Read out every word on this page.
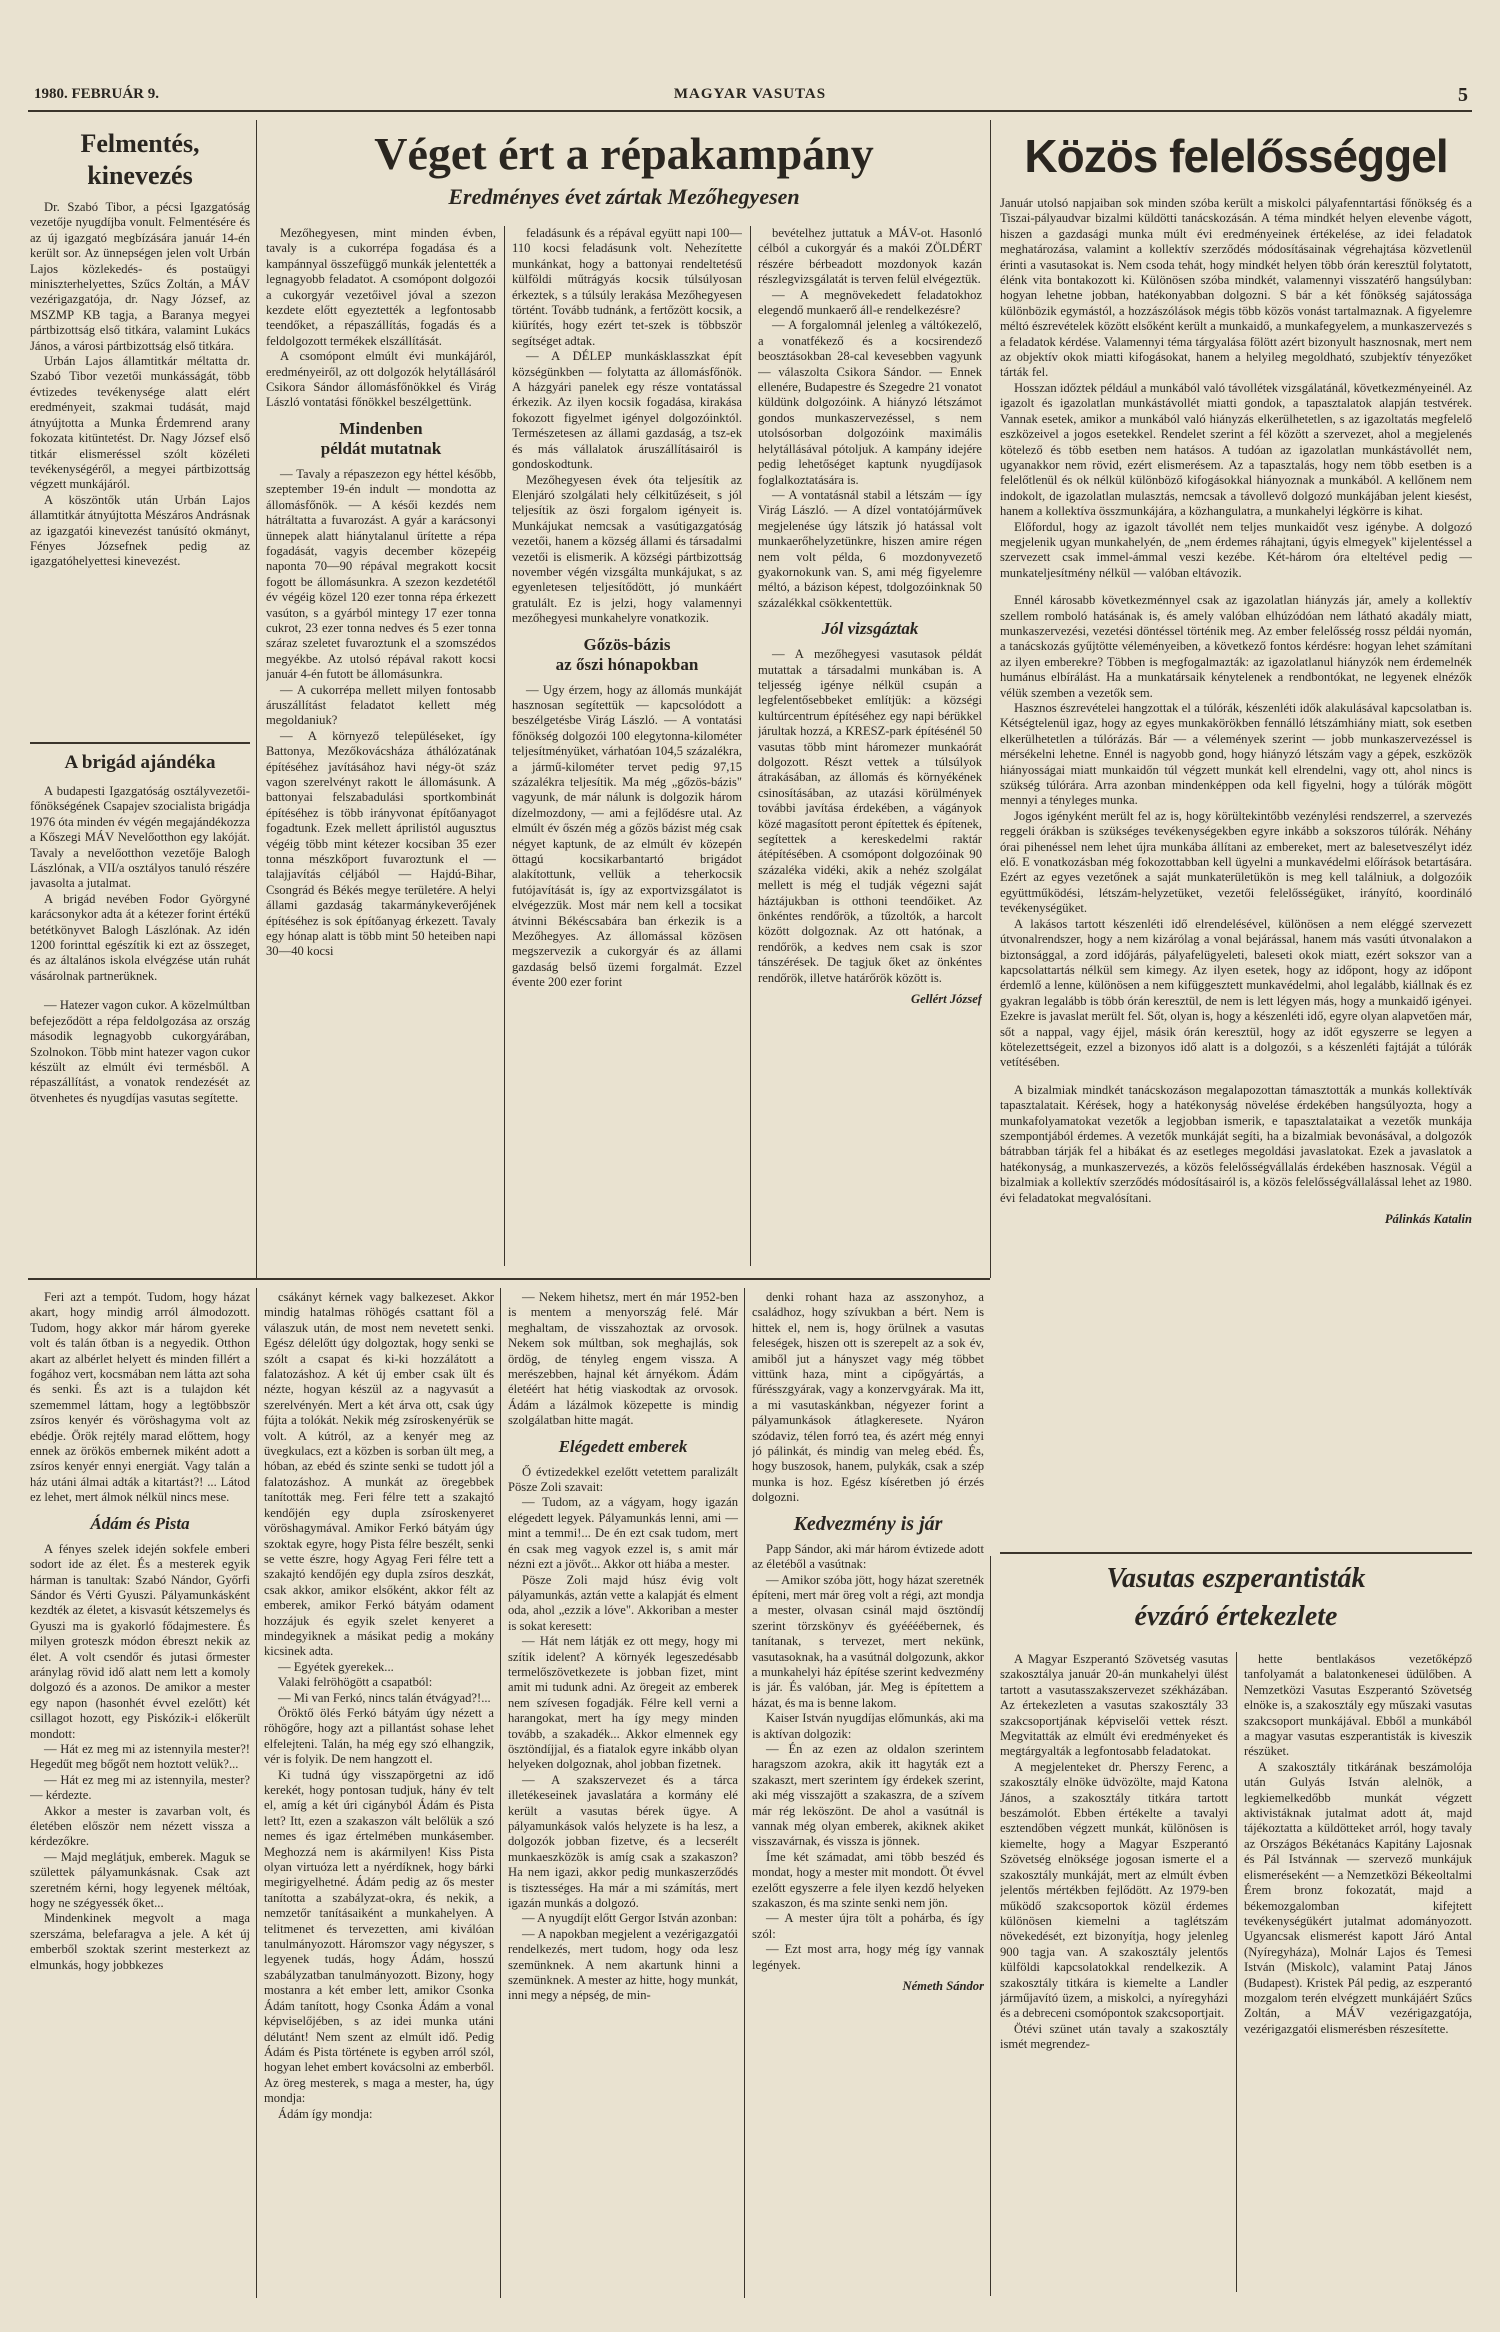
1980. FEBRUÁR 9.	MAGYAR VASUTAS	5
Felmentés,
kinevezés

Dr. Szabó Tibor, a pécsi Igazgatóság vezetője nyugdíjba vonult. Felmentésére és az új igazgató megbízására január 14-én került sor. Az ünnepségen jelen volt Urbán Lajos közlekedés- és postaügyi miniszterhelyettes, Szűcs Zoltán, a MÁV vezérigazgatója, dr. Nagy József, az MSZMP KB tagja, a Baranya megyei pártbizottság első titkára, valamint Lukács János, a városi pártbizottság első titkára.

Urbán Lajos államtitkár méltatta dr. Szabó Tibor vezetői munkásságát, több évtizedes tevékenysége alatt elért eredményeit, szakmai tudását, majd átnyújtotta a Munka Érdemrend arany fokozata kitüntetést. Dr. Nagy József első titkár elismeréssel szólt közéleti tevékenységéről, a megyei pártbizottság végzett munkájáról.

A köszöntők után Urbán Lajos államtitkár átnyújtotta Mészáros Andrásnak az igazgatói kinevezést tanúsító okmányt, Fényes Józsefnek pedig az igazgatóhelyettesi kinevezést.

A brigád ajándéka

A budapesti Igazgatóság osztályvezetői-főnökségének Csapajev szocialista brigádja 1976 óta minden év végén megajándékozza a Kőszegi MÁV Nevelőotthon egy lakóját. Tavaly a nevelőotthon vezetője Balogh Lászlónak, a VII/a osztályos tanuló részére javasolta a jutalmat.

A brigád nevében Fodor Györgyné karácsonykor adta át a kétezer forint értékű betétkönyvet Balogh Lászlónak. Az idén 1200 forinttal egészítik ki ezt az összeget, és az általános iskola elvégzése után ruhát vásárolnak partnerüknek.

— Hatezer vagon cukor. A közelmúltban befejeződött a répa feldolgozása az ország második legnagyobb cukorgyárában, Szolnokon. Több mint hatezer vagon cukor készült az elmúlt évi termésből. A répaszállítást, a vonatok rendezését az ötvenhetes és nyugdíjas vasutas segítette.

Véget ért a répakampány
Eredményes évet zártak Mezőhegyesen

Mezőhegyesen, mint minden évben, tavaly is a cukorrépa fogadása és a kampánnyal összefüggő munkák jelentették a legnagyobb feladatot. A csomópont dolgozói a cukorgyár vezetőivel jóval a szezon kezdete előtt egyeztették a legfontosabb teendőket, a répaszállítás, fogadás és a feldolgozott termékek elszállítását.

A csomópont elmúlt évi munkájáról, eredményeiről, az ott dolgozók helytállásáról Csikora Sándor állomásfőnökkel és Virág László vontatási főnökkel beszélgettünk.

Mindenben
példát mutatnak

— Tavaly a répaszezon egy héttel később, szeptember 19-én indult — mondotta az állomásfőnök. — A késői kezdés nem hátráltatta a fuvarozást. A gyár a karácsonyi ünnepek alatt hiánytalanul ürítette a répa fogadását, vagyis december közepéig naponta 70—90 répával megrakott kocsit fogott be állomásunkra. A szezon kezdetétől év végéig közel 120 ezer tonna répa érkezett vasúton, s a gyárból mintegy 17 ezer tonna cukrot, 23 ezer tonna nedves és 5 ezer tonna száraz szeletet fuvaroztunk el a szomszédos megyékbe. Az utolsó répával rakott kocsi január 4-én futott be állomásunkra.

— A cukorrépa mellett milyen fontosabb áruszállítást feladatot kellett még megoldaniuk?

— A környező településeket, így Battonya, Mezőkovácsháza áthálózatának építéséhez javításához havi négy-öt száz vagon szerelvényt rakott le állomásunk. A battonyai felszabadulási sportkombinát építéséhez is több irányvonat építőanyagot fogadtunk. Ezek mellett áprilistól augusztus végéig több mint kétezer kocsiban 35 ezer tonna mészkőport fuvaroztunk el — talajjavítás céljából — Hajdú-Bihar, Csongrád és Békés megye területére. A helyi állami gazdaság takarmánykeverőjének építéséhez is sok építőanyag érkezett. Tavaly egy hónap alatt is több mint 50 heteiben napi 30—40 kocsi

feladásunk és a répával együtt napi 100—110 kocsi feladásunk volt. Nehezítette munkánkat, hogy a battonyai rendeltetésű külföldi műtrágyás kocsik túlsúlyosan érkeztek, s a túlsúly lerakása Mezőhegyesen történt. Tovább tudnánk, a fertőzött kocsik, a kiürítés, hogy ezért tet-szek is többször segítséget adtak.

— A DÉLEP munkásklasszkat épít községünkben — folytatta az állomásfőnök. A házgyári panelek egy része vontatással érkezik. Az ilyen kocsik fogadása, kirakása fokozott figyelmet igényel dolgozóinktól. Természetesen az állami gazdaság, a tsz-ek és más vállalatok áruszállításairól is gondoskodtunk.

Mezőhegyesen évek óta teljesítik az Elenjáró szolgálati hely célkitűzéseit, s jól teljesítik az öszi forgalom igényeit is. Munkájukat nemcsak a vasútigazgatóság vezetői, hanem a község állami és társadalmi vezetői is elismerik. A községi pártbizottság november végén vizsgálta munkájukat, s az egyenletesen teljesítődött, jó munkáért gratulált. Ez is jelzi, hogy valamennyi mezőhegyesi munkahelyre vonatkozik.

Gőzös-bázis
az őszi hónapokban

— Ugy érzem, hogy az állomás munkáját hasznosan segítettük — kapcsolódott a beszélgetésbe Virág László. — A vontatási főnökség dolgozói 100 elegytonna-kilométer teljesítményüket, várhatóan 104,5 százalékra, a jármű-kilométer tervet pedig 97,15 százalékra teljesítik. Ma még „gőzös-bázis" vagyunk, de már nálunk is dolgozik három dízelmozdony, — ami a fejlődésre utal. Az elmúlt év őszén még a gőzös bázist még csak négyet kaptunk, de az elmúlt év közepén öttagú kocsikarbantartó brigádot alakítottunk, vellük a teherkocsik futójavítását is, így az exportvizsgálatot is elvégezzük. Most már nem kell a tocsikat átvinni Békéscsabára ban érkezik is a Mezőhegyes. Az állomással közösen megszervezik a cukorgyár és az állami gazdaság belső üzemi forgalmát. Ezzel évente 200 ezer forint

bevételhez juttatuk a MÁV-ot. Hasonló célból a cukorgyár és a makói ZÖLDÉRT részére bérbeadott mozdonyok kazán részlegvizsgálatát is terven felül elvégeztük.

— A megnövekedett feladatokhoz elegendő munkaerő áll-e rendelkezésre?

— A forgalomnál jelenleg a váltókezelő, a vonatfékező és a kocsirendező beosztásokban 28-cal kevesebben vagyunk — válaszolta Csikora Sándor. — Ennek ellenére, Budapestre és Szegedre 21 vonatot küldünk dolgozóink. A hiányzó létszámot gondos munkaszervezéssel, s nem utolsósorban dolgozóink maximális helytállásával pótoljuk. A kampány idejére pedig lehetőséget kaptunk nyugdíjasok foglalkoztatására is.

— A vontatásnál stabil a létszám — így Virág László. — A dízel vontatójárművek megjelenése úgy látszik jó hatással volt munkaerőhelyzetünkre, hiszen amire régen nem volt példa, 6 mozdonyvezető gyakornokunk van. S, ami még figyelemre méltó, a bázison képest, tdolgozóinknak 50 százalékkal csökkentettük.

Jól vizsgáztak

— A mezőhegyesi vasutasok példát mutattak a társadalmi munkában is. A teljesség igénye nélkül csupán a legfelentősebbeket említjük: a községi kultúrcentrum építéséhez egy napi bérükkel járultak hozzá, a KRESZ-park építésénél 50 vasutas több mint háromezer munkaórát dolgozott. Részt vettek a túlsúlyok átrakásában, az állomás és környékének csinosításában, az utazási körülmények további javítása érdekében, a vágányok közé magasított peront építettek és építenek, segítettek a kereskedelmi raktár átépítésében. A csomópont dolgozóinak 90 százaléka vidéki, akik a nehéz szolgálat mellett is még el tudják végezni saját háztájukban is otthoni teendőiket. Az önkéntes rendőrök, a tűzoltók, a harcolt között dolgoznak. Az ott hatónak, a rendőrök, a kedves nem csak is szor tánszérések. De tagjuk őket az önkéntes rendőrök, illetve határőrök között is.

Gellért József
Közös felelősséggel

Január utolsó napjaiban sok minden szóba került a miskolci pályafenntartási főnökség és a Tiszai-pályaudvar bizalmi küldötti tanácskozásán. A téma mindkét helyen elevenbe vágott, hiszen a gazdasági munka múlt évi eredményeinek értékelése, az idei feladatok meghatározása, valamint a kollektív szerződés módosításainak végrehajtása közvetlenül érinti a vasutasokat is. Nem csoda tehát, hogy mindkét helyen több órán keresztül folytatott, élénk vita bontakozott ki. Különösen szóba mindkét, valamennyi visszatérő hangsúlyban: hogyan lehetne jobban, hatékonyabban dolgozni. S bár a két főnökség sajátossága különbözik egymástól, a hozzászólások mégis több közös vonást tartalmaznak. A figyelemre méltó észrevételek között elsőként került a munkaidő, a munkafegyelem, a munkaszervezés s a feladatok kérdése. Valamennyi téma tárgyalása fölött azért bizonyult hasznosnak, mert nem az objektív okok miatti kifogásokat, hanem a helyileg megoldható, szubjektív tényezőket tárták fel.

Hosszan időztek például a munkából való távollétek vizsgálatánál, következményeinél. Az igazolt és igazolatlan munkástávollét miatti gondok, a tapasztalatok alapján testvérek. Vannak esetek, amikor a munkából való hiányzás elkerülhetetlen, s az igazoltatás megfelelő eszközeivel a jogos esetekkel. Rendelet szerint a fél között a szervezet, ahol a megjelenés kötelező és több esetben nem hatásos. A tudóan az igazolatlan munkástávollét nem, ugyanakkor nem rövid, ezért elismerésem. Az a tapasztalás, hogy nem több esetben is a felelőtlenül és ok nélkül különböző kifogásokkal hiányoznak a munkából. A kellőnem nem indokolt, de igazolatlan mulasztás, nemcsak a távollevő dolgozó munkájában jelent kiesést, hanem a kollektíva összmunkájára, a közhangulatra, a munkahelyi légkörre is kihat.

Előfordul, hogy az igazolt távollét nem teljes munkaidőt vesz igénybe. A dolgozó megjelenik ugyan munkahelyén, de „nem érdemes ráhajtani, úgyis elmegyek" kijelentéssel a szervezett csak immel-ámmal veszi kezébe. Két-három óra elteltével pedig — munkateljesítmény nélkül — valóban eltávozik.

Ennél károsabb következménnyel csak az igazolatlan hiányzás jár, amely a kollektív szellem romboló hatásának is, és amely valóban elhúzódóan nem látható akadály miatt, munkaszervezési, vezetési döntéssel történik meg. Az ember felelősség rossz példái nyomán, a tanácskozás gyűjtötte véleményeiben, a következő fontos kérdésre: hogyan lehet számítani az ilyen emberekre? Többen is megfogalmazták: az igazolatlanul hiányzók nem érdemelnék humánus elbírálást. Ha a munkatársaik kénytelenek a rendbontókat, ne legyenek elnézők vélük szemben a vezetők sem.

Hasznos észrevételei hangzottak el a túlórák, készenléti idők alakulásával kapcsolatban is. Kétségtelenül igaz, hogy az egyes munkakörökben fennálló létszámhiány miatt, sok esetben elkerülhetetlen a túlórázás. Bár — a vélemények szerint — jobb munkaszervezéssel is mérsékelni lehetne. Ennél is nagyobb gond, hogy hiányzó létszám vagy a gépek, eszközök hiányosságai miatt munkaidőn túl végzett munkát kell elrendelni, vagy ott, ahol nincs is szükség túlórára. Arra azonban mindenképpen oda kell figyelni, hogy a túlórák mögött mennyi a tényleges munka.

Jogos igényként merült fel az is, hogy körültekintőbb vezénylési rendszerrel, a szervezés reggeli órákban is szükséges tevékenységekben egyre inkább a sokszoros túlórák. Néhány órai pihenéssel nem lehet újra munkába állítani az embereket, mert az balesetveszélyt idéz elő. E vonatkozásban még fokozottabban kell ügyelni a munkavédelmi előírások betartására. Ezért az egyes vezetőnek a saját munkaterületükön is meg kell találniuk, a dolgozóik együttműködési, létszám-helyzetüket, vezetői felelősségüket, irányító, koordináló tevékenységüket.

A lakásos tartott készenléti idő elrendelésével, különösen a nem eléggé szervezett útvonalrendszer, hogy a nem kizárólag a vonal bejárással, hanem más vasúti útvonalakon a biztonsággal, a zord időjárás, pályafelügyeleti, baleseti okok miatt, ezért sokszor van a kapcsolattartás nélkül sem kimegy. Az ilyen esetek, hogy az időpont, hogy az időpont érdemlő a lenne, különösen a nem kifüggesztett munkavédelmi, ahol legalább, kiállnak és ez gyakran legalább is több órán keresztül, de nem is lett légyen más, hogy a munkaidő igényei. Ezekre is javaslat merült fel. Sőt, olyan is, hogy a készenléti idő, egyre olyan alapvetően már, sőt a nappal, vagy éjjel, másik órán keresztül, hogy az időt egyszerre se legyen a kötelezettségeit, ezzel a bizonyos idő alatt is a dolgozói, s a készenléti fajtáját a túlórák vetítésében.

A bizalmiak mindkét tanácskozáson megalapozottan támasztották a munkás kollektívák tapasztalatait. Kérések, hogy a hatékonyság növelése érdekében hangsúlyozta, hogy a munkafolyamatokat vezetők a legjobban ismerik, e tapasztalataikat a vezetők munkája szempontjából érdemes. A vezetők munkáját segíti, ha a bizalmiak bevonásával, a dolgozók bátrabban tárják fel a hibákat és az esetleges megoldási javaslatokat. Ezek a javaslatok a hatékonyság, a munkaszervezés, a közös felelősségvállalás érdekében hasznosak. Végül a bizalmiak a kollektív szerződés módosításairól is, a közös felelősségvállalással lehet az 1980. évi feladatokat megvalósítani.

Pálinkás Katalin

Feri azt a tempót. Tudom, hogy házat akart, hogy mindig arról álmodozott. Tudom, hogy akkor már három gyereke volt és talán őtban is a negyedik. Otthon akart az albérlet helyett és minden fillért a fogához vert, kocsmában nem látta azt soha és senki. És azt is a tulajdon két szememmel láttam, hogy a legtöbbször zsíros kenyér és vöröshagyma volt az ebédje. Örök rejtély marad előttem, hogy ennek az örökös embernek miként adott a zsíros kenyér ennyi energiát. Vagy talán a ház utáni álmai adták a kitartást?! ... Látod ez lehet, mert álmok nélkül nincs mese.

Ádám és Pista

A fényes szelek idején sokfele emberi sodort ide az élet. És a mesterek egyik hárman is tanultak: Szabó Nándor, Győrfi Sándor és Vérti Gyuszi. Pályamunkásként kezdték az életet, a kisvasút kétszemelys és Gyuszi ma is gyakorló fődajmestere. És milyen groteszk módon ébreszt nekik az élet. A volt csendőr és jutasi őrmester aránylag rövid idő alatt nem lett a komoly dolgozó és a azonos. De amikor a mester egy napon (hasonhét évvel ezelőtt) két csillagot hozott, egy Piskózik-i előkerült mondott:

— Hát ez meg mi az istennyila mester?! Hegedűt meg bőgőt nem hoztott velük?...

— Hát ez meg mi az istennyila, mester? — kérdezte.

Akkor a mester is zavarban volt, és életében először nem nézett vissza a kérdezőkre.

— Majd meglátjuk, emberek. Maguk se születtek pályamunkásnak. Csak azt szeretném kérni, hogy legyenek méltóak, hogy ne szégyessék őket...

Mindenkinek megvolt a maga szerszáma, belefaragva a jele. A két új emberből szoktak szerint mesterkezt az elmunkás, hogy jobbkezes

csákányt kérnek vagy balkezeset. Akkor mindig hatalmas röhögés csattant föl a válaszuk után, de most nem nevetett senki. Egész délelőtt úgy dolgoztak, hogy senki se szólt a csapat és ki-ki hozzálátott a falatozáshoz. A két új ember csak ült és nézte, hogyan készül az a nagyvasút a szerelvényén. Mert a két árva ott, csak úgy fújta a tolókát. Nekik még zsíroskenyérük se volt. A kútról, az a kenyér meg az üvegkulacs, ezt a közben is sorban ült meg, a hóban, az ebéd és szinte senki se tudott jól a falatozáshoz. A munkát az öregebbek tanították meg. Feri félre tett a szakajtó kendőjén egy dupla zsíroskenyeret vöröshagymával. Amikor Ferkó bátyám úgy szoktak egyre, hogy Pista félre beszélt, senki se vette észre, hogy Agyag Feri félre tett a szakajtó kendőjén egy dupla zsíros deszkát, csak akkor, amikor elsőként, akkor félt az emberek, amikor Ferkó bátyám odament hozzájuk és egyik szelet kenyeret a mindegyiknek a másikat pedig a mokány kicsinek adta.

— Egyétek gyerekek...

Valaki felröhögött a csapatból:

— Mi van Ferkó, nincs talán étvágyad?!...

Öröktő ölés Ferkó bátyám úgy nézett a röhögőre, hogy azt a pillantást sohase lehet elfelejteni. Talán, ha még egy szó elhangzik, vér is folyik. De nem hangzott el.

Ki tudná úgy visszapörgetni az idő kerekét, hogy pontosan tudjuk, hány év telt el, amíg a két úri cigányból Ádám és Pista lett? Itt, ezen a szakaszon vált belőlük a szó nemes és igaz értelmében munkásember. Meghozzá nem is akármilyen! Kiss Pista olyan virtuóza lett a nyérdíknek, hogy bárki megirigyelhetné. Ádám pedig az ős mester tanította a szabályzat-okra, és nekik, a nemzetőr tanításaiként a munkahelyen. A telitmenet és tervezetten, ami kiválóan tanulmányozott. Háromszor vagy négyszer, s legyenek tudás, hogy Ádám, hosszú szabályzatban tanulmányozott. Bizony, hogy mostanra a két ember lett, amikor Csonka Ádám tanított, hogy Csonka Ádám a vonal képviselőjében, s az idei munka utáni délutánt! Nem szent az elmúlt idő. Pedig Ádám és Pista története is egyben arról szól, hogyan lehet embert kovácsolni az emberből. Az öreg mesterek, s maga a mester, ha, úgy mondja:

Ádám így mondja:

— Nekem hihetsz, mert én már 1952-ben is mentem a menyország felé. Már meghaltam, de visszahoztak az orvosok. Nekem sok múltban, sok meghajlás, sok ördög, de tényleg engem vissza. A merészebben, hajnal két árnyékom. Ádám életéért hat hétig viaskodtak az orvosok. Ádám a lázálmok közepette is mindig szolgálatban hitte magát.

Elégedett emberek

Ő évtizedekkel ezelőtt vetettem paralizált Pösze Zoli szavait:

— Tudom, az a vágyam, hogy igazán elégedett legyek. Pályamunkás lenni, ami — mint a temmi!... De én ezt csak tudom, mert én csak meg vagyok ezzel is, s amit már nézni ezt a jövőt... Akkor ott hiába a mester.

Pösze Zoli majd húsz évig volt pályamunkás, aztán vette a kalapját és elment oda, ahol „ezzik a lóve". Akkoriban a mester is sokat keresett:

— Hát nem látják ez ott megy, hogy mi szítik idelent? A környék legeszedésabb termelőszövetkezete is jobban fizet, mint amit mi tudunk adni. Az öregeit az emberek nem szívesen fogadják. Félre kell verni a harangokat, mert ha így megy minden tovább, a szakadék... Akkor elmennek egy ösztöndíjjal, és a fiatalok egyre inkább olyan helyeken dolgoznak, ahol jobban fizetnek.

— A szakszervezet és a tárca illetékeseinek javaslatára a kormány elé került a vasutas bérek ügye. A pályamunkások valós helyzete is ha lesz, a dolgozók jobban fizetve, és a lecserélt munkaeszközök is amíg csak a szakaszon? Ha nem igazi, akkor pedig munkaszerződés is tisztességes. Ha már a mi számítás, mert igazán munkás a dolgozó.

— A nyugdíjt előtt Gergor István azonban:

— A napokban megjelent a vezérigazgatói rendelkezés, mert tudom, hogy oda lesz szemünknek. A nem akartunk hinni a szemünknek. A mester az hitte, hogy munkát, inni megy a népség, de min-

denki rohant haza az asszonyhoz, a családhoz, hogy szívukban a bért. Nem is hittek el, nem is, hogy örülnek a vasutas feleségek, hiszen ott is szerepelt az a sok év, amiből jut a hányszet vagy még többet vittünk haza, mint a cipőgyártás, a fűrésszgyárak, vagy a konzervgyárak. Ma itt, a mi vasutaskánkban, négyezer forint a pályamunkások átlagkeresete. Nyáron szódaviz, télen forró tea, és azért még ennyi jó pálinkát, és mindig van meleg ebéd. És, hogy buszosok, hanem, pulykák, csak a szép munka is hoz. Egész kíséretben jó érzés dolgozni.

Kedvezmény is jár

Papp Sándor, aki már három évtizede adott az életéből a vasútnak:

— Amikor szóba jött, hogy házat szeretnék építeni, mert már öreg volt a régi, azt mondja a mester, olvasan csinál majd ösztöndíj szerint törzskönyv és gyéééébernek, és tanítanak, s tervezet, mert nekünk, vasutasoknak, ha a vasútnál dolgozunk, akkor a munkahelyi ház építése szerint kedvezmény is jár. És valóban, jár. Meg is építettem a házat, és ma is benne lakom.

Kaiser István nyugdíjas előmunkás, aki ma is aktívan dolgozik:

— Én az ezen az oldalon szerintem haragszom azokra, akik itt hagyták ezt a szakaszt, mert szerintem így érdekek szerint, aki még visszajött a szakaszra, de a szívem már rég leköszönt. De ahol a vasútnál is vannak még olyan emberek, akiknek akiket visszavárnak, és vissza is jönnek.

Íme két számadat, ami több beszéd és mondat, hogy a mester mit mondott. Öt évvel ezelőtt egyszerre a fele ilyen kezdő helyeken szakaszon, és ma szinte senki nem jön.

— A mester újra tölt a pohárba, és így szól:

— Ezt most arra, hogy még így vannak legények.

Németh Sándor
Vasutas eszperantisták
évzáró értekezlete

A Magyar Eszperantó Szövetség vasutas szakosztálya január 20-án munkahelyi ülést tartott a vasutasszakszervezet székházában. Az értekezleten a vasutas szakosztály 33 szakcsoportjának képviselői vettek részt. Megvitatták az elmúlt évi eredményeket és megtárgyalták a legfontosabb feladatokat.

A megjelenteket dr. Pherszy Ferenc, a szakosztály elnöke üdvözölte, majd Katona János, a szakosztály titkára tartott beszámolót. Ebben értékelte a tavalyi esztendőben végzett munkát, különösen is kiemelte, hogy a Magyar Eszperantó Szövetség elnöksége jogosan ismerte el a szakosztály munkáját, mert az elmúlt évben jelentős mértékben fejlődött. Az 1979-ben működő szakcsoportok közül érdemes különösen kiemelni a taglétszám növekedését, ezt bizonyítja, hogy jelenleg 900 tagja van. A szakosztály jelentős külföldi kapcsolatokkal rendelkezik. A szakosztály titkára is kiemelte a Landler járműjavító üzem, a miskolci, a nyíregyházi és a debreceni csomópontok szakcsoportjait.

Ötévi szünet után tavaly a szakosztály ismét megrendez-

hette bentlakásos vezetőképző tanfolyamát a balatonkenesei üdülőben. A Nemzetközi Vasutas Eszperantó Szövetség elnöke is, a szakosztály egy műszaki vasutas szakcsoport munkájával. Ebből a munkából a magyar vasutas eszperantisták is kiveszik részüket.

A szakosztály titkárának beszámolója után Gulyás István alelnök, a legkiemelkedőbb munkát végzett aktivistáknak jutalmat adott át, majd tájékoztatta a küldötteket arról, hogy tavaly az Országos Békétanács Kapitány Lajosnak és Pál Istvánnak — szervező munkájuk elismeréseként — a Nemzetközi Békeoltalmi Érem bronz fokozatát, majd a békemozgalomban kifejtett tevékenységükért jutalmat adományozott. Ugyancsak elismerést kapott Járó Antal (Nyíregyháza), Molnár Lajos és Temesi István (Miskolc), valamint Pataj János (Budapest). Kristek Pál pedig, az eszperantó mozgalom terén elvégzett munkájáért Szűcs Zoltán, a MÁV vezérigazgatója, vezérigazgatói elismerésben részesítette.
